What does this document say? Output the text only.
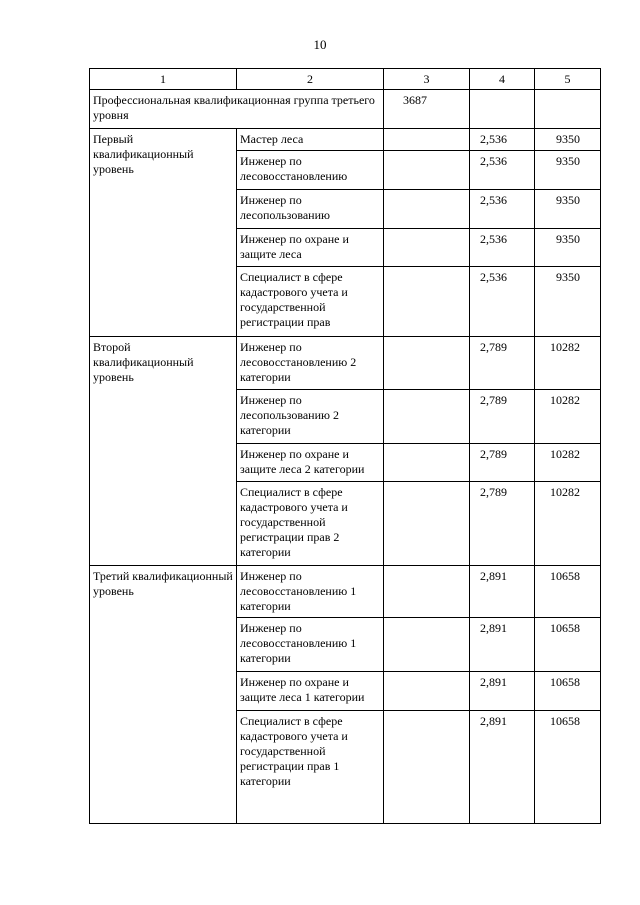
10
1	2	3	4	5
Профессиональная квалификационная группа третьего уровня		3687		
Первый квалификационный уровень	Мастер леса		2,536	9350
	Инженер по лесовосстановлению		2,536	9350
	Инженер по лесопользованию		2,536	9350
	Инженер по охране и защите леса		2,536	9350
	Специалист в сфере кадастрового учета и государственной регистрации прав		2,536	9350
Второй квалификационный уровень	Инженер по лесовосстановлению 2 категории		2,789	10282
	Инженер по лесопользованию 2 категории		2,789	10282
	Инженер по охране и защите леса 2 категории		2,789	10282
	Специалист в сфере кадастрового учета и государственной регистрации прав 2 категории		2,789	10282
Третий квалификационный уровень	Инженер по лесовосстановлению 1 категории		2,891	10658
	Инженер по лесовосстановлению 1 категории		2,891	10658
	Инженер по охране и защите леса 1 категории		2,891	10658
	Специалист в сфере кадастрового учета и государственной регистрации прав 1 категории		2,891	10658
